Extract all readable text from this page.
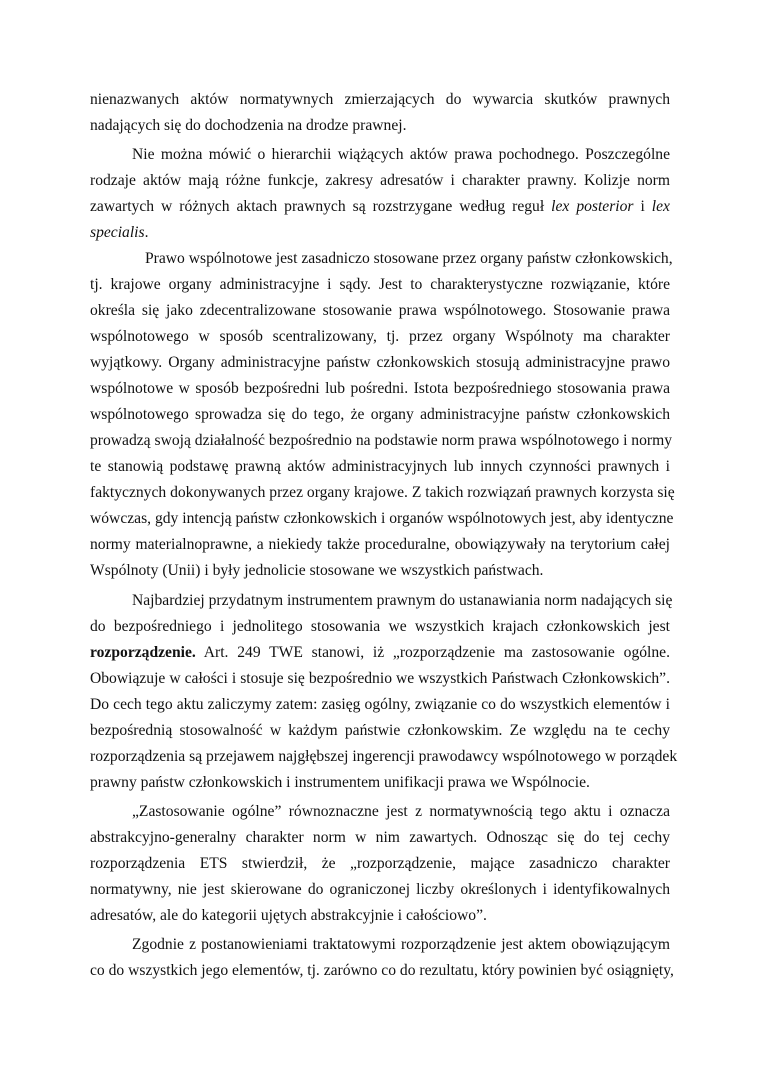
nienazwanych aktów normatywnych zmierzających do wywarcia skutków prawnych
nadających się do dochodzenia na drodze prawnej.
Nie można mówić o hierarchii wiążących aktów prawa pochodnego. Poszczególne
rodzaje aktów mają różne funkcje, zakresy adresatów i charakter prawny. Kolizje norm
zawartych w różnych aktach prawnych są rozstrzygane według reguł lex posterior i lex
specialis.
Prawo wspólnotowe jest zasadniczo stosowane przez organy państw członkowskich,
tj. krajowe organy administracyjne i sądy. Jest to charakterystyczne rozwiązanie, które
określa się jako zdecentralizowane stosowanie prawa wspólnotowego. Stosowanie prawa
wspólnotowego w sposób scentralizowany, tj. przez organy Wspólnoty ma charakter
wyjątkowy. Organy administracyjne państw członkowskich stosują administracyjne prawo
wspólnotowe w sposób bezpośredni lub pośredni. Istota bezpośredniego stosowania prawa
wspólnotowego sprowadza się do tego, że organy administracyjne państw członkowskich
prowadzą swoją działalność bezpośrednio na podstawie norm prawa wspólnotowego i normy
te stanowią podstawę prawną aktów administracyjnych lub innych czynności prawnych i
faktycznych dokonywanych przez organy krajowe. Z takich rozwiązań prawnych korzysta się
wówczas, gdy intencją państw członkowskich i organów wspólnotowych jest, aby identyczne
normy materialnoprawne, a niekiedy także proceduralne, obowiązywały na terytorium całej
Wspólnoty (Unii) i były jednolicie stosowane we wszystkich państwach.
Najbardziej przydatnym instrumentem prawnym do ustanawiania norm nadających się
do bezpośredniego i jednolitego stosowania we wszystkich krajach członkowskich jest
rozporządzenie. Art. 249 TWE stanowi, iż „rozporządzenie ma zastosowanie ogólne.
Obowiązuje w całości i stosuje się bezpośrednio we wszystkich Państwach Członkowskich”.
Do cech tego aktu zaliczymy zatem: zasięg ogólny, związanie co do wszystkich elementów i
bezpośrednią stosowalność w każdym państwie członkowskim. Ze względu na te cechy
rozporządzenia są przejawem najgłębszej ingerencji prawodawcy wspólnotowego w porządek
prawny państw członkowskich i instrumentem unifikacji prawa we Wspólnocie.
„Zastosowanie ogólne” równoznaczne jest z normatywnością tego aktu i oznacza
abstrakcyjno-generalny charakter norm w nim zawartych. Odnosząc się do tej cechy
rozporządzenia ETS stwierdził, że „rozporządzenie, mające zasadniczo charakter
normatywny, nie jest skierowane do ograniczonej liczby określonych i identyfikowalnych
adresatów, ale do kategorii ujętych abstrakcyjnie i całościowo”.
Zgodnie z postanowieniami traktatowymi rozporządzenie jest aktem obowiązującym
co do wszystkich jego elementów, tj. zarówno co do rezultatu, który powinien być osiągnięty,
